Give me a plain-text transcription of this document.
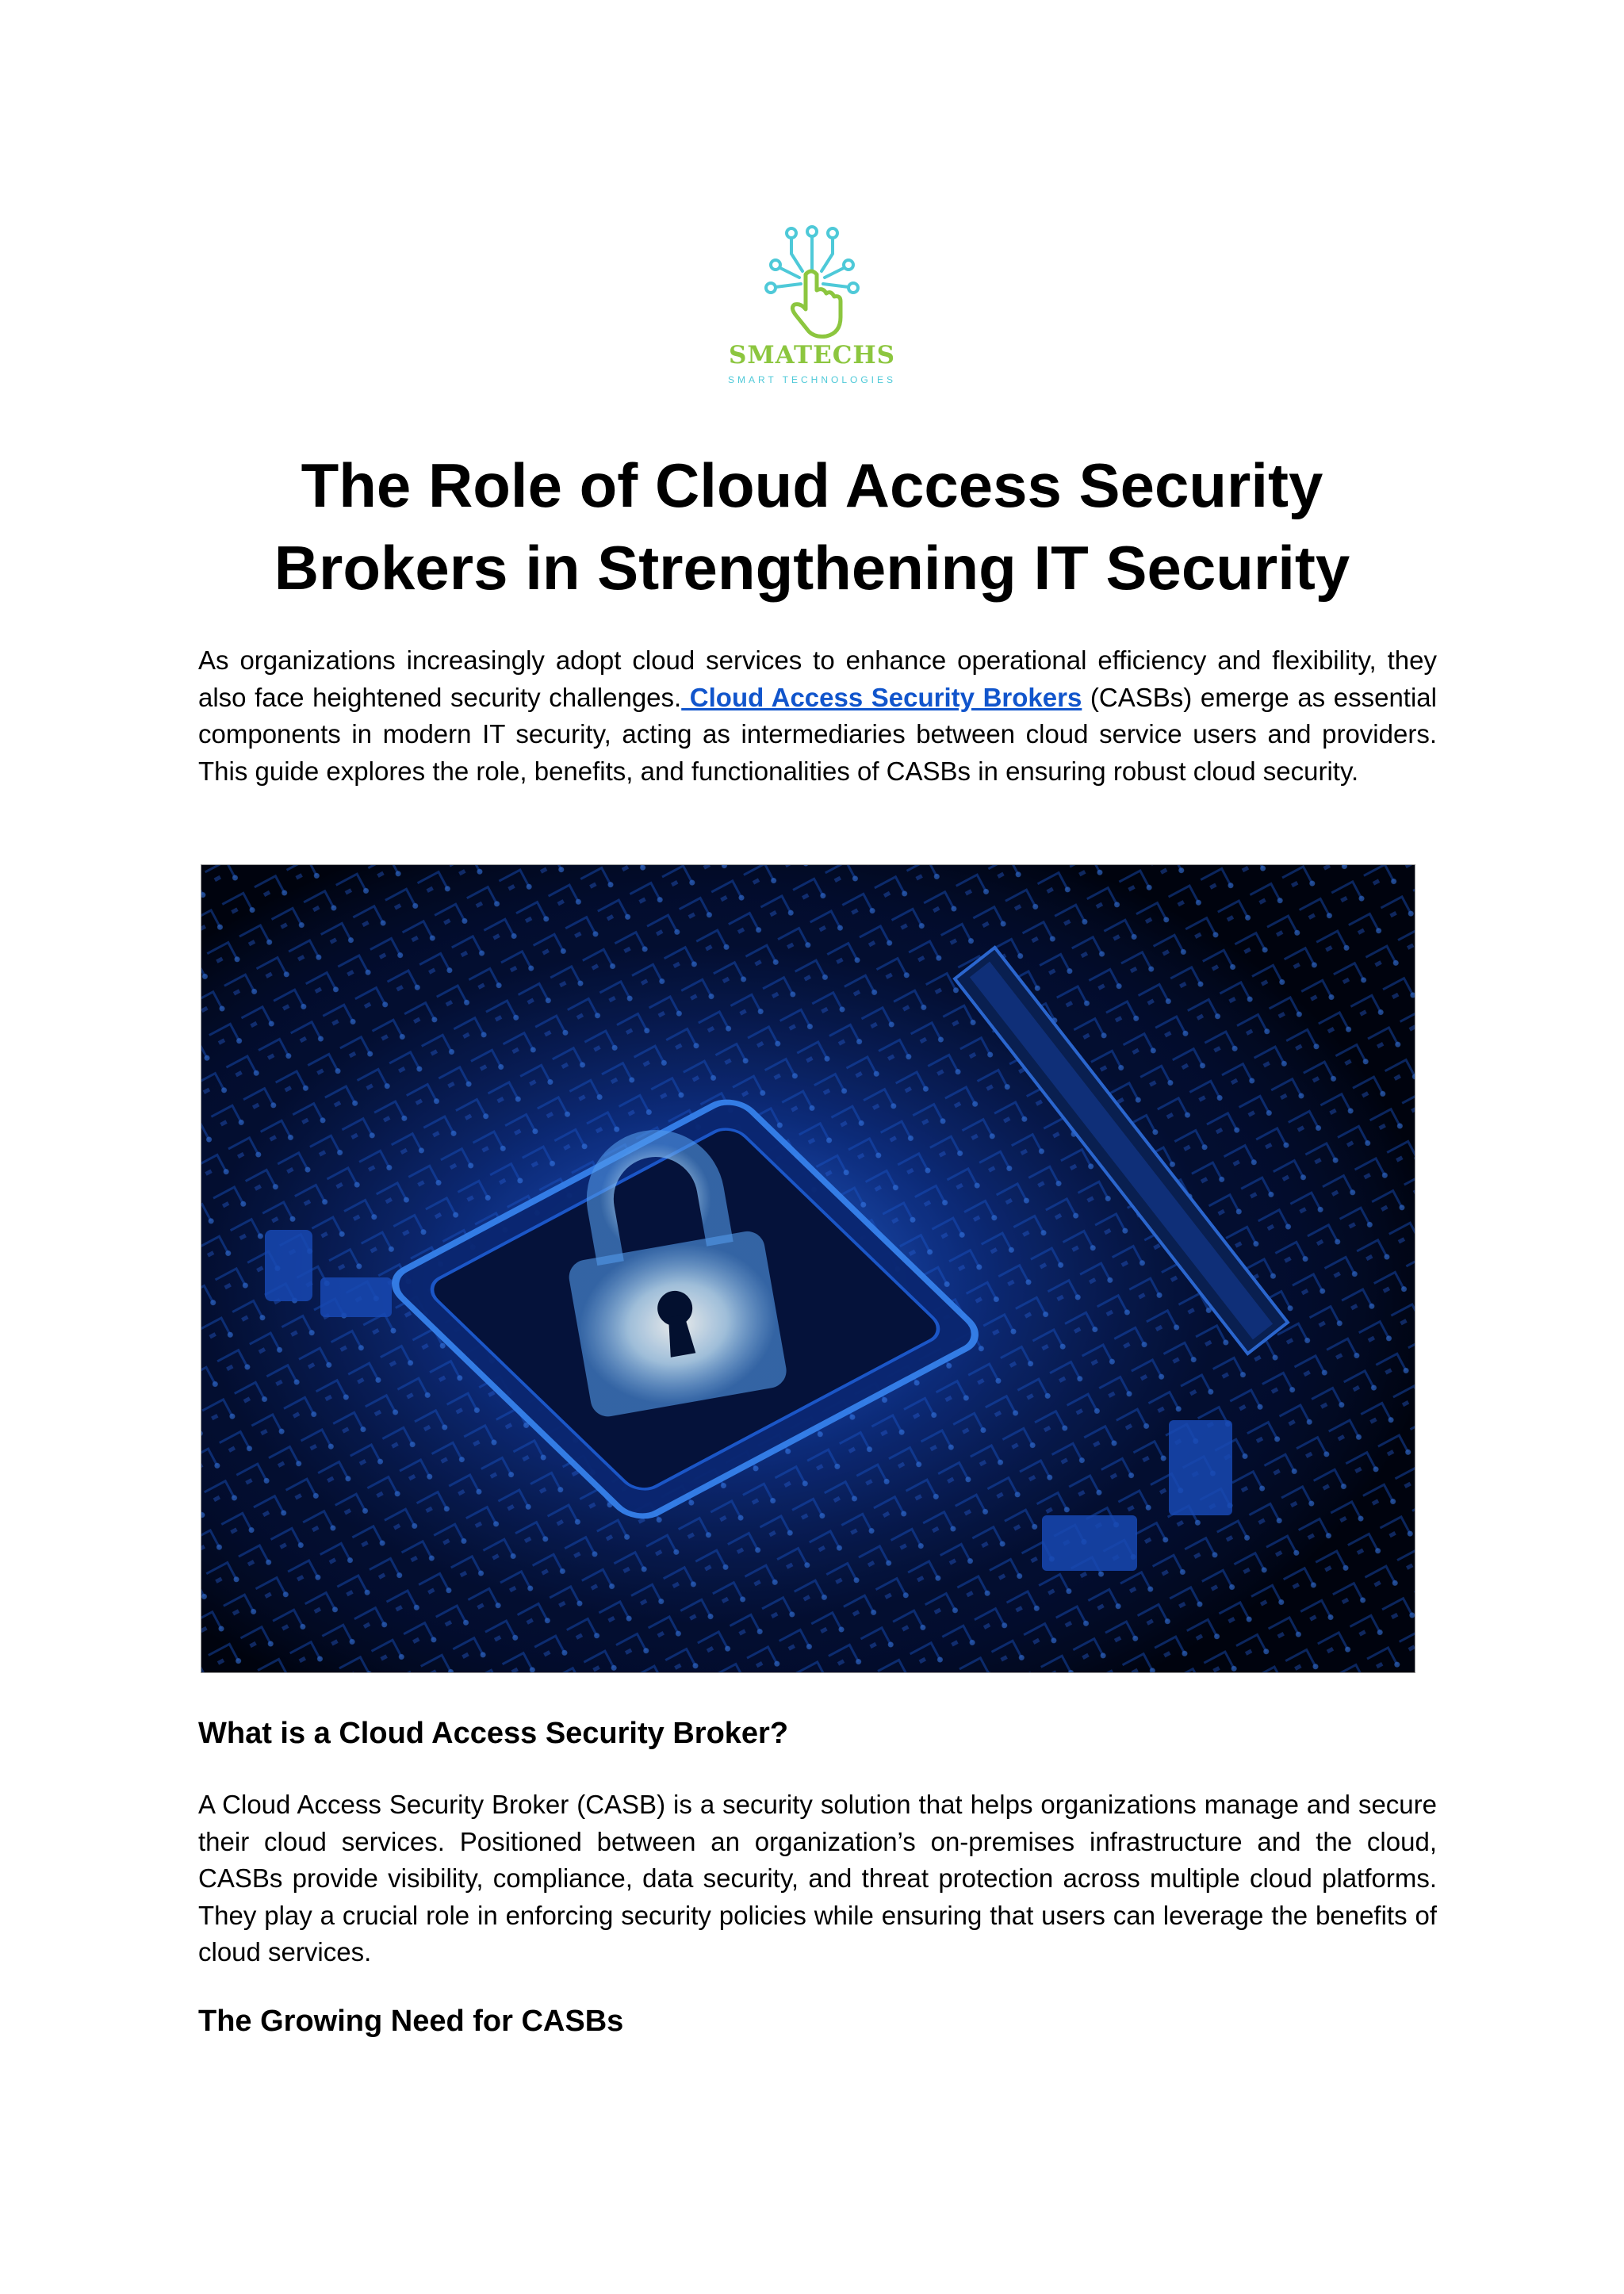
SMATECHS
SMART TECHNOLOGIES
The Role of Cloud Access Security Brokers in Strengthening IT Security

As organizations increasingly adopt cloud services to enhance operational efficiency and flexibility, they also face heightened security challenges. Cloud Access Security Brokers (CASBs) emerge as essential components in modern IT security, acting as intermediaries between cloud service users and providers. This guide explores the role, benefits, and functionalities of CASBs in ensuring robust cloud security.

What is a Cloud Access Security Broker?

A Cloud Access Security Broker (CASB) is a security solution that helps organizations manage and secure their cloud services. Positioned between an organization’s on-premises infrastructure and the cloud, CASBs provide visibility, compliance, data security, and threat protection across multiple cloud platforms. They play a crucial role in enforcing security policies while ensuring that users can leverage the benefits of cloud services.

The Growing Need for CASBs
